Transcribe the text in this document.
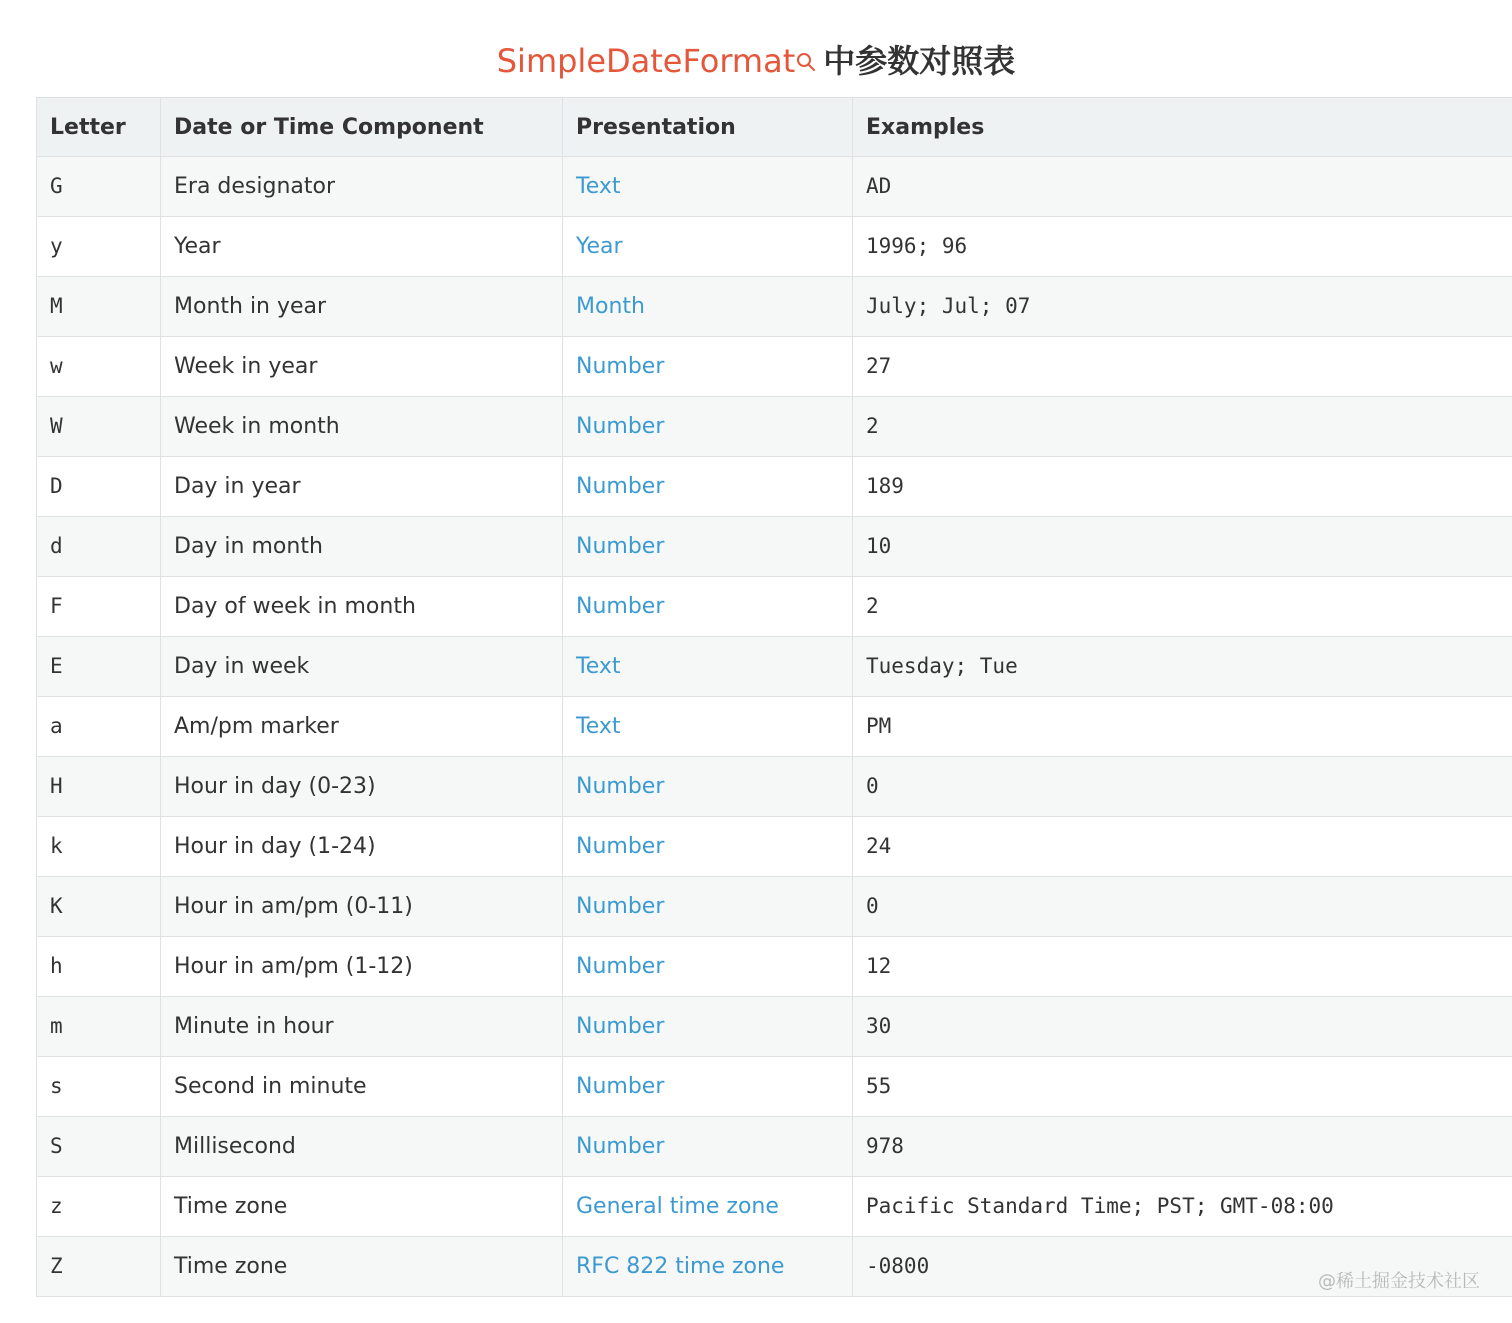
SimpleDateFormat 中参数对照表
Letter	Date or Time Component	Presentation	Examples
G	Era designator	Text	AD
y	Year	Year	1996; 96
M	Month in year	Month	July; Jul; 07
w	Week in year	Number	27
W	Week in month	Number	2
D	Day in year	Number	189
d	Day in month	Number	10
F	Day of week in month	Number	2
E	Day in week	Text	Tuesday; Tue
a	Am/pm marker	Text	PM
H	Hour in day (0-23)	Number	0
k	Hour in day (1-24)	Number	24
K	Hour in am/pm (0-11)	Number	0
h	Hour in am/pm (1-12)	Number	12
m	Minute in hour	Number	30
s	Second in minute	Number	55
S	Millisecond	Number	978
z	Time zone	General time zone	Pacific Standard Time; PST; GMT-08:00
Z	Time zone	RFC 822 time zone	-0800
@稀土掘金技术社区
